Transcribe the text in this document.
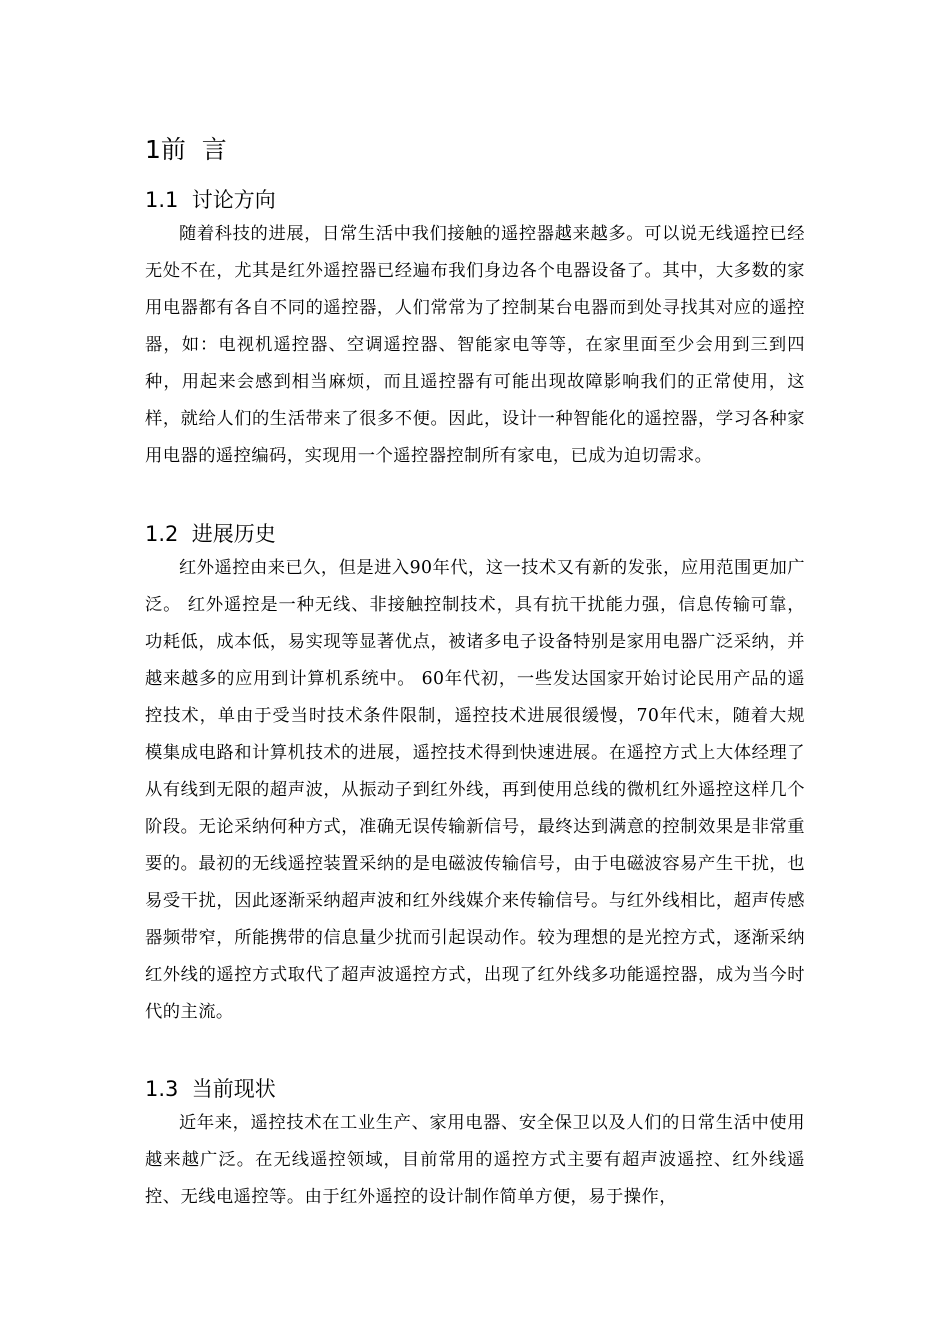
1前  言
1.1  讨论方向

随着科技的进展，日常生活中我们接触的遥控器越来越多。可以说无线遥控已经无处不在，尤其是红外遥控器已经遍布我们身边各个电器设备了。其中，大多数的家用电器都有各自不同的遥控器，人们常常为了控制某台电器而到处寻找其对应的遥控器，如：电视机遥控器、空调遥控器、智能家电等等，在家里面至少会用到三到四种，用起来会感到相当麻烦，而且遥控器有可能出现故障影响我们的正常使用，这样，就给人们的生活带来了很多不便。因此，设计一种智能化的遥控器，学习各种家用电器的遥控编码，实现用一个遥控器控制所有家电，已成为迫切需求。

1.2  进展历史

红外遥控由来已久，但是进入90年代，这一技术又有新的发张，应用范围更加广泛。 红外遥控是一种无线、非接触控制技术，具有抗干扰能力强，信息传输可靠，功耗低，成本低，易实现等显著优点，被诸多电子设备特别是家用电器广泛采纳，并越来越多的应用到计算机系统中。 60年代初，一些发达国家开始讨论民用产品的遥控技术，单由于受当时技术条件限制，遥控技术进展很缓慢，70年代末，随着大规模集成电路和计算机技术的进展，遥控技术得到快速进展。在遥控方式上大体经理了从有线到无限的超声波，从振动子到红外线，再到使用总线的微机红外遥控这样几个阶段。无论采纳何种方式，准确无误传输新信号，最终达到满意的控制效果是非常重要的。最初的无线遥控装置采纳的是电磁波传输信号，由于电磁波容易产生干扰，也易受干扰，因此逐渐采纳超声波和红外线媒介来传输信号。与红外线相比，超声传感器频带窄，所能携带的信息量少扰而引起误动作。较为理想的是光控方式，逐渐采纳红外线的遥控方式取代了超声波遥控方式，出现了红外线多功能遥控器，成为当今时代的主流。

1.3  当前现状

近年来，遥控技术在工业生产、家用电器、安全保卫以及人们的日常生活中使用越来越广泛。在无线遥控领域，目前常用的遥控方式主要有超声波遥控、红外线遥控、无线电遥控等。由于红外遥控的设计制作简单方便，易于操作，
